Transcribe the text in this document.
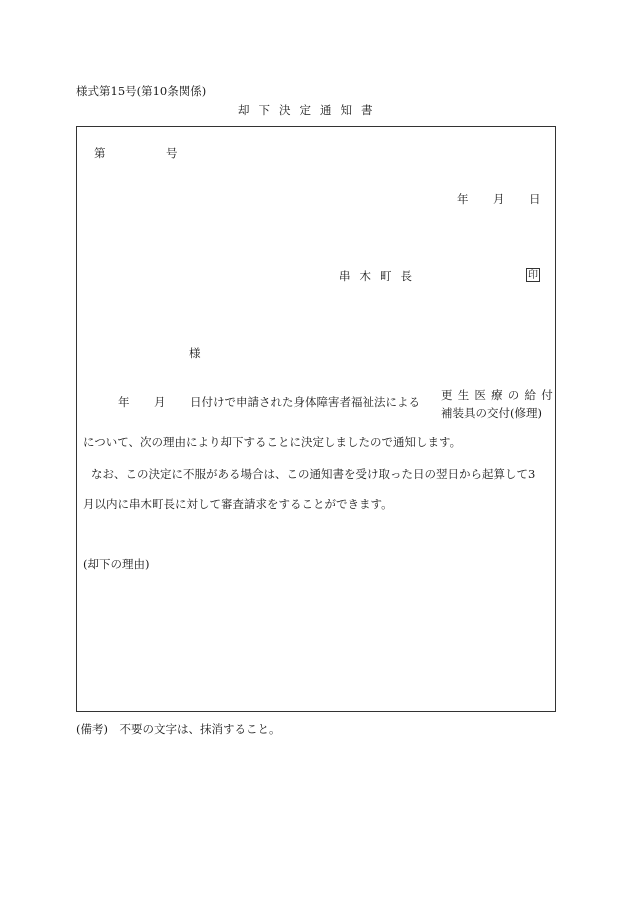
様式第15号(第10条関係)
却下決定通知書
第	号
年 月 日
串木町長	印
様
年 月 日付けで申請された身体障害者福祉法による 更生医療の給付
補装具の交付(修理)
について、次の理由により却下することに決定しましたので通知します。
なお、この決定に不服がある場合は、この通知書を受け取った日の翌日から起算して3
月以内に串木町長に対して審査請求をすることができます。
(却下の理由)
(備考)　不要の文字は、抹消すること。
